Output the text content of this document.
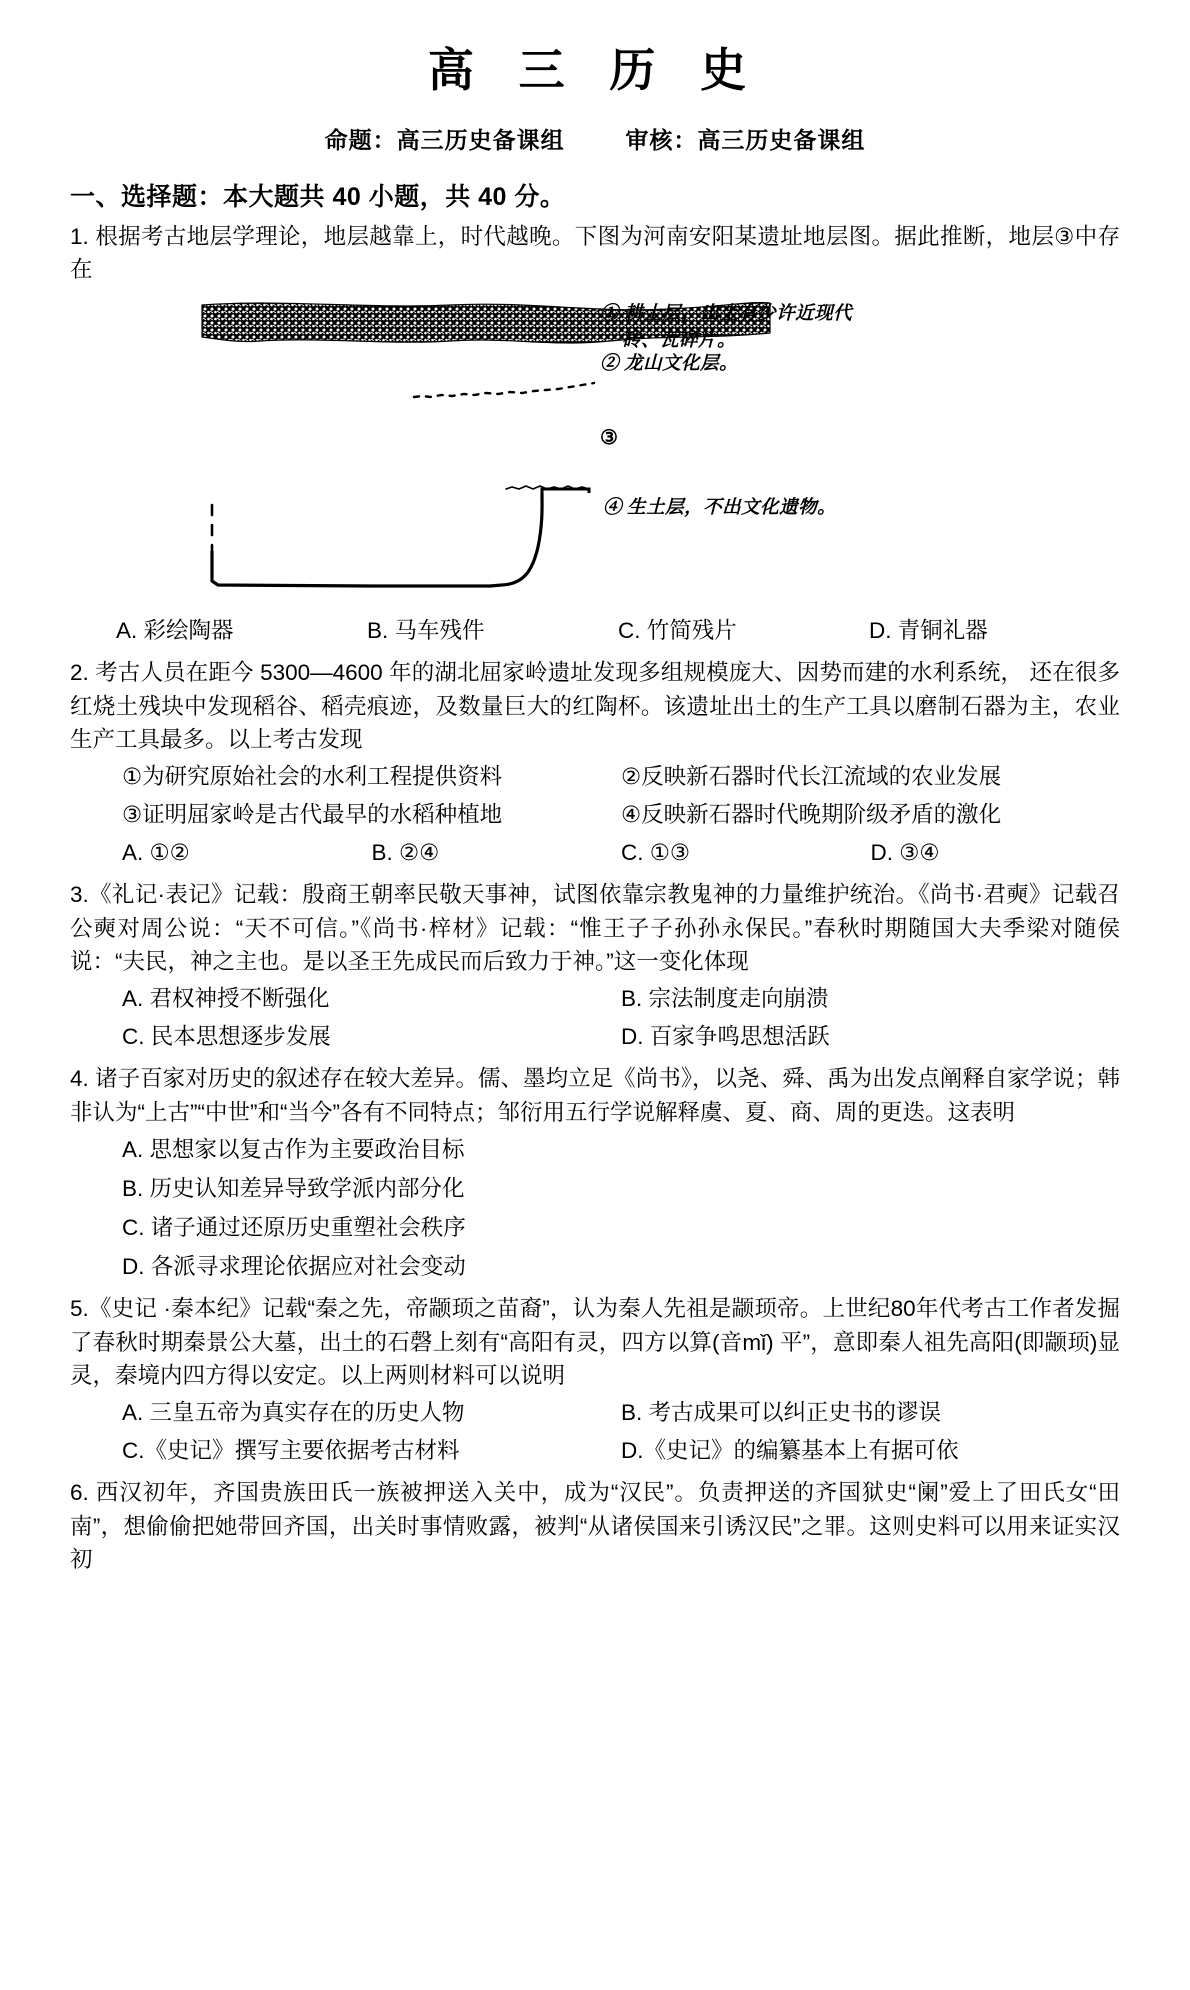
高 三 历 史
命题：高三历史备课组	审核：高三历史备课组
一、选择题：本大题共 40 小题，共 40 分。
1. 根据考古地层学理论，地层越靠上，时代越晚。下图为河南安阳某遗址地层图。据此推断，地层③中存在
① 耕土层，出土有少许近现代
砖、瓦碎片。
② 龙山文化层。
③
④ 生土层，不出文化遗物。
A. 彩绘陶器	B. 马车残件	C. 竹简残片	D. 青铜礼器
2. 考古人员在距今 5300—4600 年的湖北屈家岭遗址发现多组规模庞大、因势而建的水利系统， 还在很多红烧土残块中发现稻谷、稻壳痕迹，及数量巨大的红陶杯。该遗址出土的生产工具以磨制石器为主，农业生产工具最多。以上考古发现
①为研究原始社会的水利工程提供资料	②反映新石器时代长江流域的农业发展
③证明屈家岭是古代最早的水稻种植地	④反映新石器时代晚期阶级矛盾的激化
A. ①②	B. ②④	C. ①③	D. ③④
3.《礼记·表记》记载：殷商王朝率民敬天事神，试图依靠宗教鬼神的力量维护统治。《尚书·君奭》记载召公奭对周公说：“天不可信。”《尚书·梓材》记载：“惟王子子孙孙永保民。”春秋时期随国大夫季梁对随侯说：“夫民，神之主也。是以圣王先成民而后致力于神。”这一变化体现
A. 君权神授不断强化	B. 宗法制度走向崩溃
C. 民本思想逐步发展	D. 百家争鸣思想活跃
4. 诸子百家对历史的叙述存在较大差异。儒、墨均立足《尚书》，以尧、舜、禹为出发点阐释自家学说；韩非认为“上古”“中世”和“当今”各有不同特点；邹衍用五行学说解释虞、夏、商、周的更迭。这表明
A. 思想家以复古作为主要政治目标
B. 历史认知差异导致学派内部分化
C. 诸子通过还原历史重塑社会秩序
D. 各派寻求理论依据应对社会变动
5.《史记 ·秦本纪》记载“秦之先，帝颛顼之苗裔”，认为秦人先祖是颛顼帝。上世纪80年代考古工作者发掘了春秋时期秦景公大墓，出土的石磬上刻有“高阳有灵，四方以算(音mǐ) 平”，意即秦人祖先高阳(即颛顼)显灵，秦境内四方得以安定。以上两则材料可以说明
A. 三皇五帝为真实存在的历史人物	B. 考古成果可以纠正史书的谬误
C.《史记》撰写主要依据考古材料	D.《史记》的编纂基本上有据可依
6. 西汉初年，齐国贵族田氏一族被押送入关中，成为“汉民”。负责押送的齐国狱史“阑”爱上了田氏女“田南”，想偷偷把她带回齐国，出关时事情败露，被判“从诸侯国来引诱汉民”之罪。这则史料可以用来证实汉初
